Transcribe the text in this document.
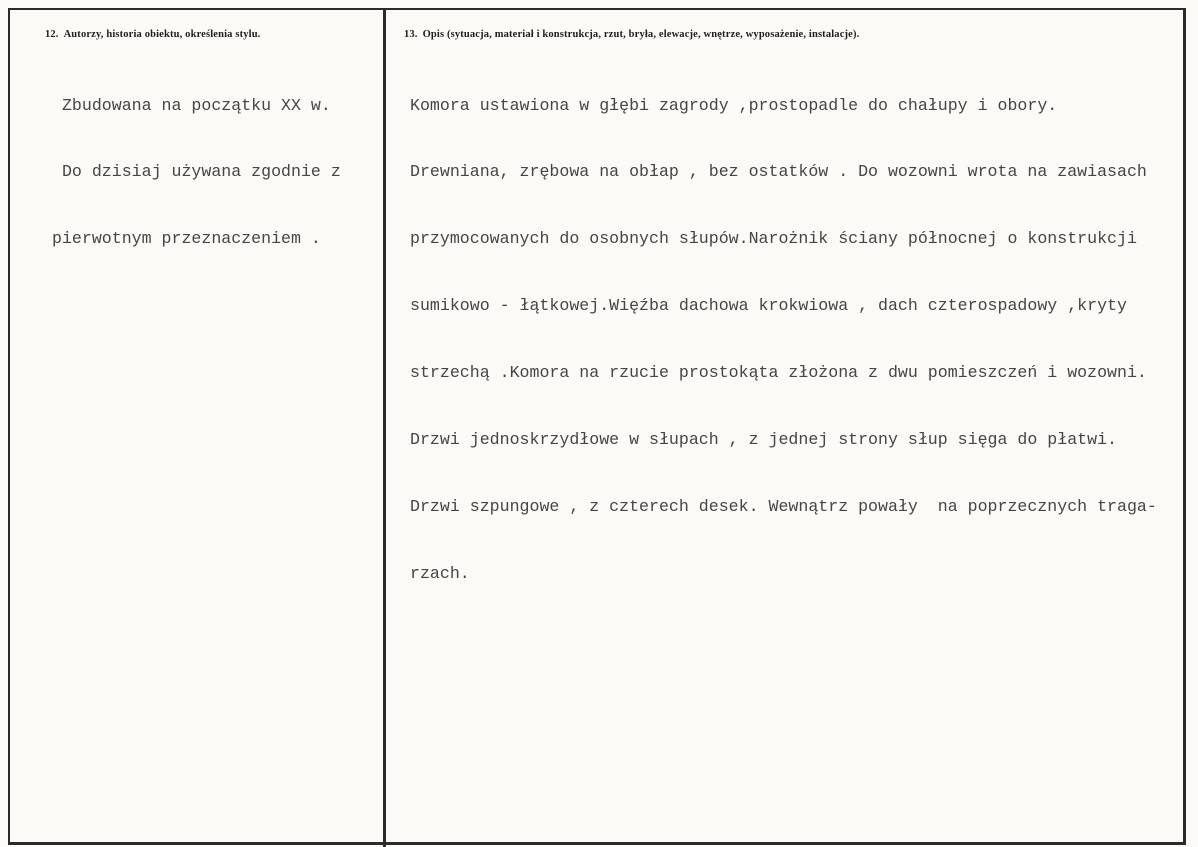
12. Autorzy, historia obiektu, określenia stylu.

Zbudowana na początku XX w.

Do dzisiaj używana zgodnie z

pierwotnym przeznaczeniem .

13. Opis (sytuacja, materiał i konstrukcja, rzut, bryła, elewacje, wnętrze, wyposażenie, instalacje).

Komora ustawiona w głębi zagrody ,prostopadle do chałupy i obory.

Drewniana, zrębowa na obłap , bez ostatków . Do wozowni wrota na zawiasach

przymocowanych do osobnych słupów.Narożnik ściany północnej o konstrukcji

sumikowo - łątkowej.Więźba dachowa krokwiowa , dach czterospadowy ,kryty

strzechą .Komora na rzucie prostokąta złożona z dwu pomieszczeń i wozowni.

Drzwi jednoskrzydłowe w słupach , z jednej strony słup sięga do płatwi.

Drzwi szpungowe , z czterech desek. Wewnątrz powały  na poprzecznych traga-

rzach.
